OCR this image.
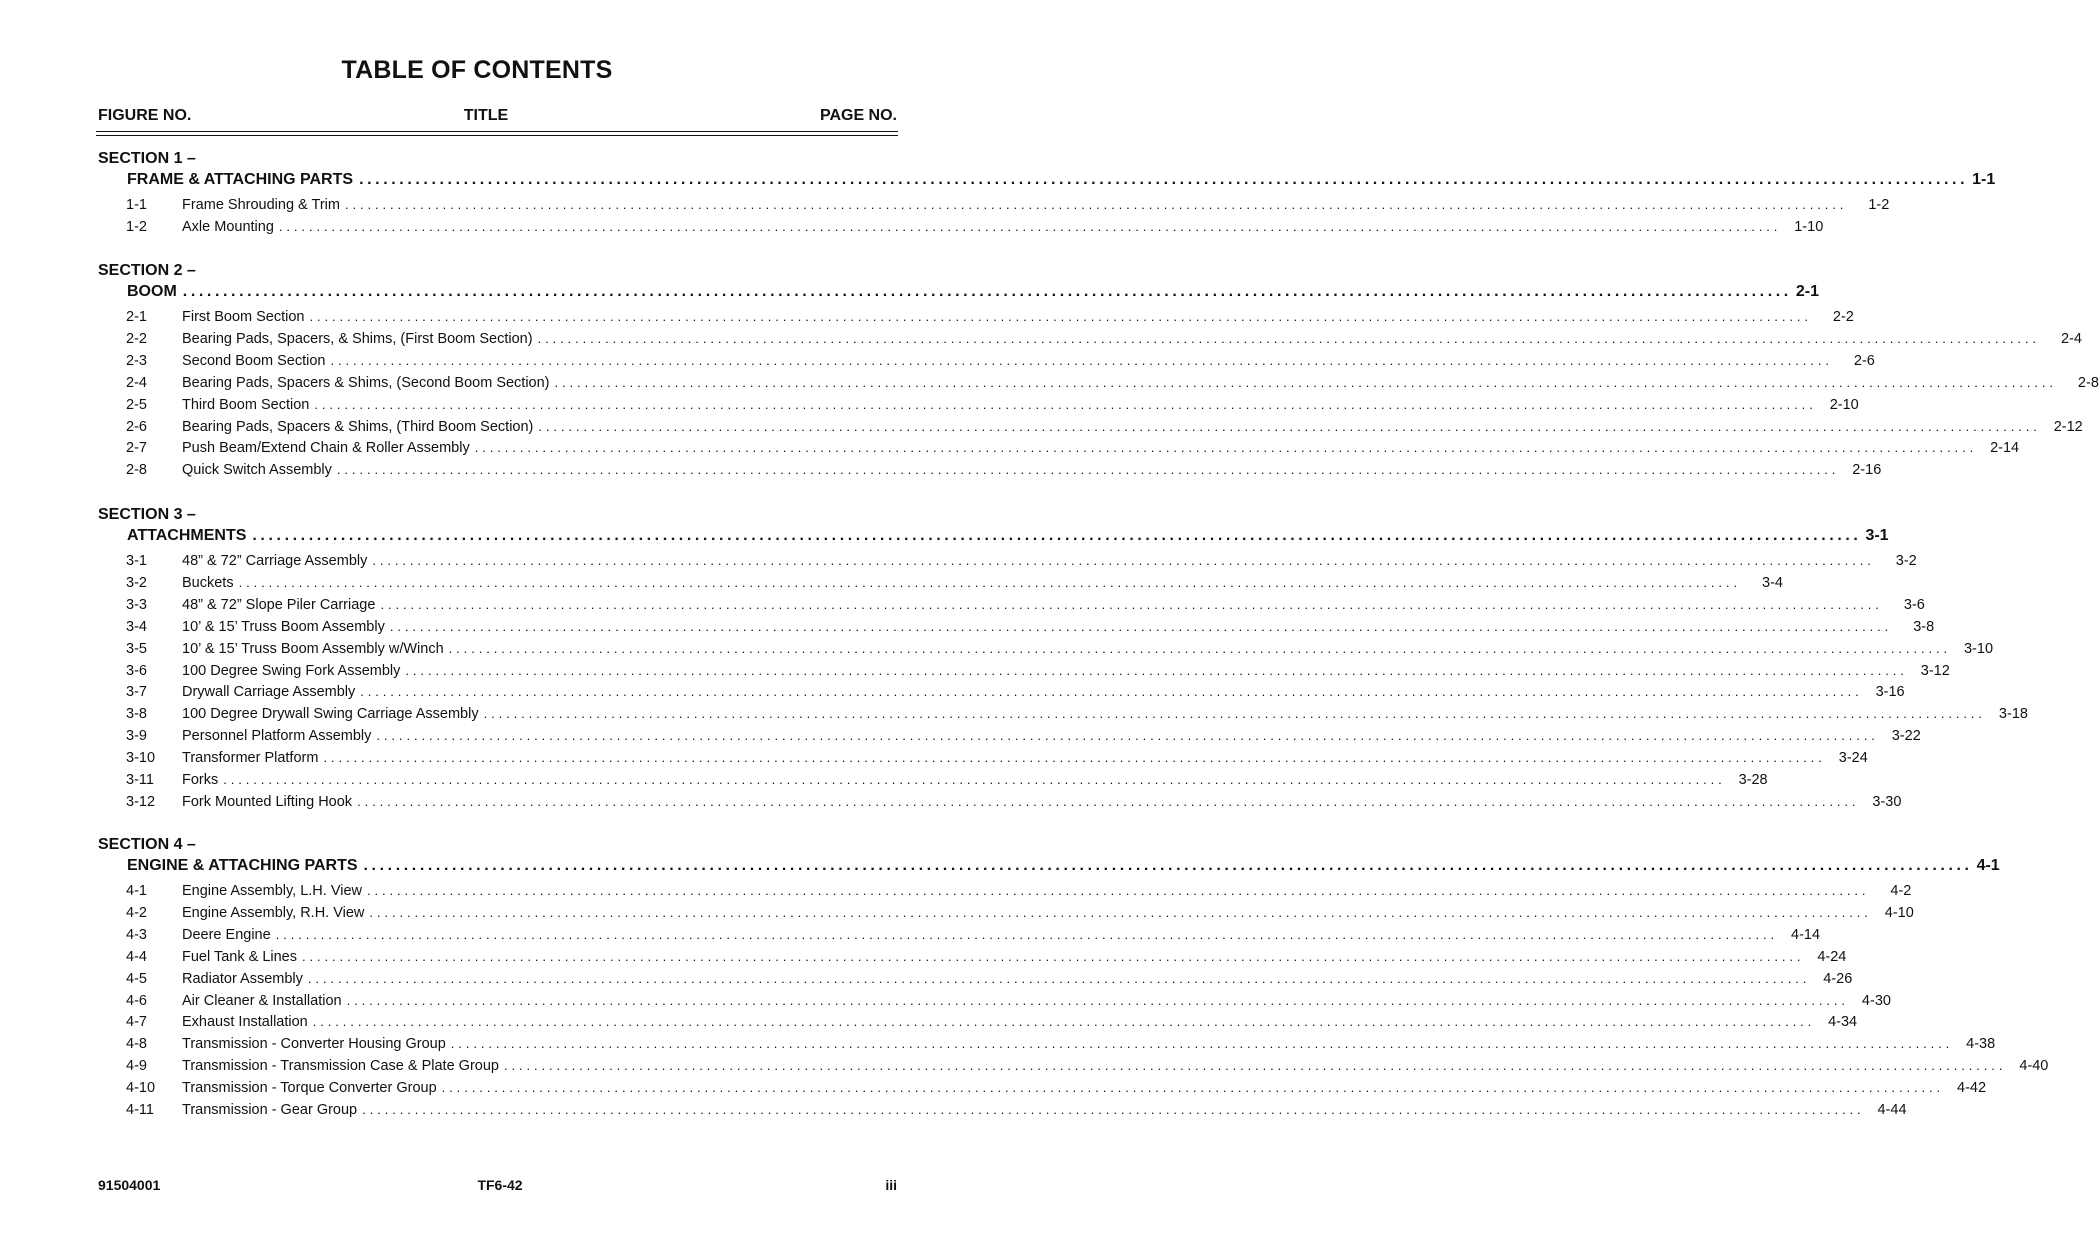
TABLE OF CONTENTS
FIGURE NO.	TITLE	PAGE NO.
SECTION 1 –
FRAME & ATTACHING PARTS ........................................................................................................................................................................................................ 1-1
1-1	Frame Shrouding & Trim ........................................................................................................................................................................................................	1-2
1-2	Axle Mounting ........................................................................................................................................................................................................ 1-10
SECTION 2 –
BOOM ........................................................................................................................................................................................................ 2-1
2-1	First Boom Section ........................................................................................................................................................................................................	2-2
2-2	Bearing Pads, Spacers, & Shims, (First Boom Section) ........................................................................................................................................................................................................	2-4
2-3	Second Boom Section ........................................................................................................................................................................................................	2-6
2-4	Bearing Pads, Spacers & Shims, (Second Boom Section) ........................................................................................................................................................................................................	2-8
2-5	Third Boom Section ........................................................................................................................................................................................................ 2-10
2-6	Bearing Pads, Spacers & Shims, (Third Boom Section) ........................................................................................................................................................................................................ 2-12
2-7	Push Beam/Extend Chain & Roller Assembly ........................................................................................................................................................................................................ 2-14
2-8	Quick Switch Assembly ........................................................................................................................................................................................................ 2-16
SECTION 3 –
ATTACHMENTS ........................................................................................................................................................................................................ 3-1
3-1	48” & 72” Carriage Assembly ........................................................................................................................................................................................................	3-2
3-2	Buckets ........................................................................................................................................................................................................	3-4
3-3	48” & 72” Slope Piler Carriage ........................................................................................................................................................................................................	3-6
3-4	10’ & 15’ Truss Boom Assembly ........................................................................................................................................................................................................	3-8
3-5	10’ & 15’ Truss Boom Assembly w/Winch ........................................................................................................................................................................................................ 3-10
3-6	100 Degree Swing Fork Assembly ........................................................................................................................................................................................................ 3-12
3-7	Drywall Carriage Assembly ........................................................................................................................................................................................................ 3-16
3-8	100 Degree Drywall Swing Carriage Assembly ........................................................................................................................................................................................................ 3-18
3-9	Personnel Platform Assembly ........................................................................................................................................................................................................ 3-22
3-10	Transformer Platform ........................................................................................................................................................................................................ 3-24
3-11	Forks ........................................................................................................................................................................................................ 3-28
3-12	Fork Mounted Lifting Hook ........................................................................................................................................................................................................ 3-30
SECTION 4 –
ENGINE & ATTACHING PARTS ........................................................................................................................................................................................................ 4-1
4-1	Engine Assembly, L.H. View ........................................................................................................................................................................................................	4-2
4-2	Engine Assembly, R.H. View ........................................................................................................................................................................................................ 4-10
4-3	Deere Engine ........................................................................................................................................................................................................ 4-14
4-4	Fuel Tank & Lines ........................................................................................................................................................................................................ 4-24
4-5	Radiator Assembly ........................................................................................................................................................................................................ 4-26
4-6	Air Cleaner & Installation ........................................................................................................................................................................................................ 4-30
4-7	Exhaust Installation ........................................................................................................................................................................................................ 4-34
4-8	Transmission - Converter Housing Group ........................................................................................................................................................................................................ 4-38
4-9	Transmission - Transmission Case & Plate Group ........................................................................................................................................................................................................ 4-40
4-10	Transmission - Torque Converter Group ........................................................................................................................................................................................................ 4-42
4-11	Transmission - Gear Group ........................................................................................................................................................................................................ 4-44
91504001	TF6-42	iii
